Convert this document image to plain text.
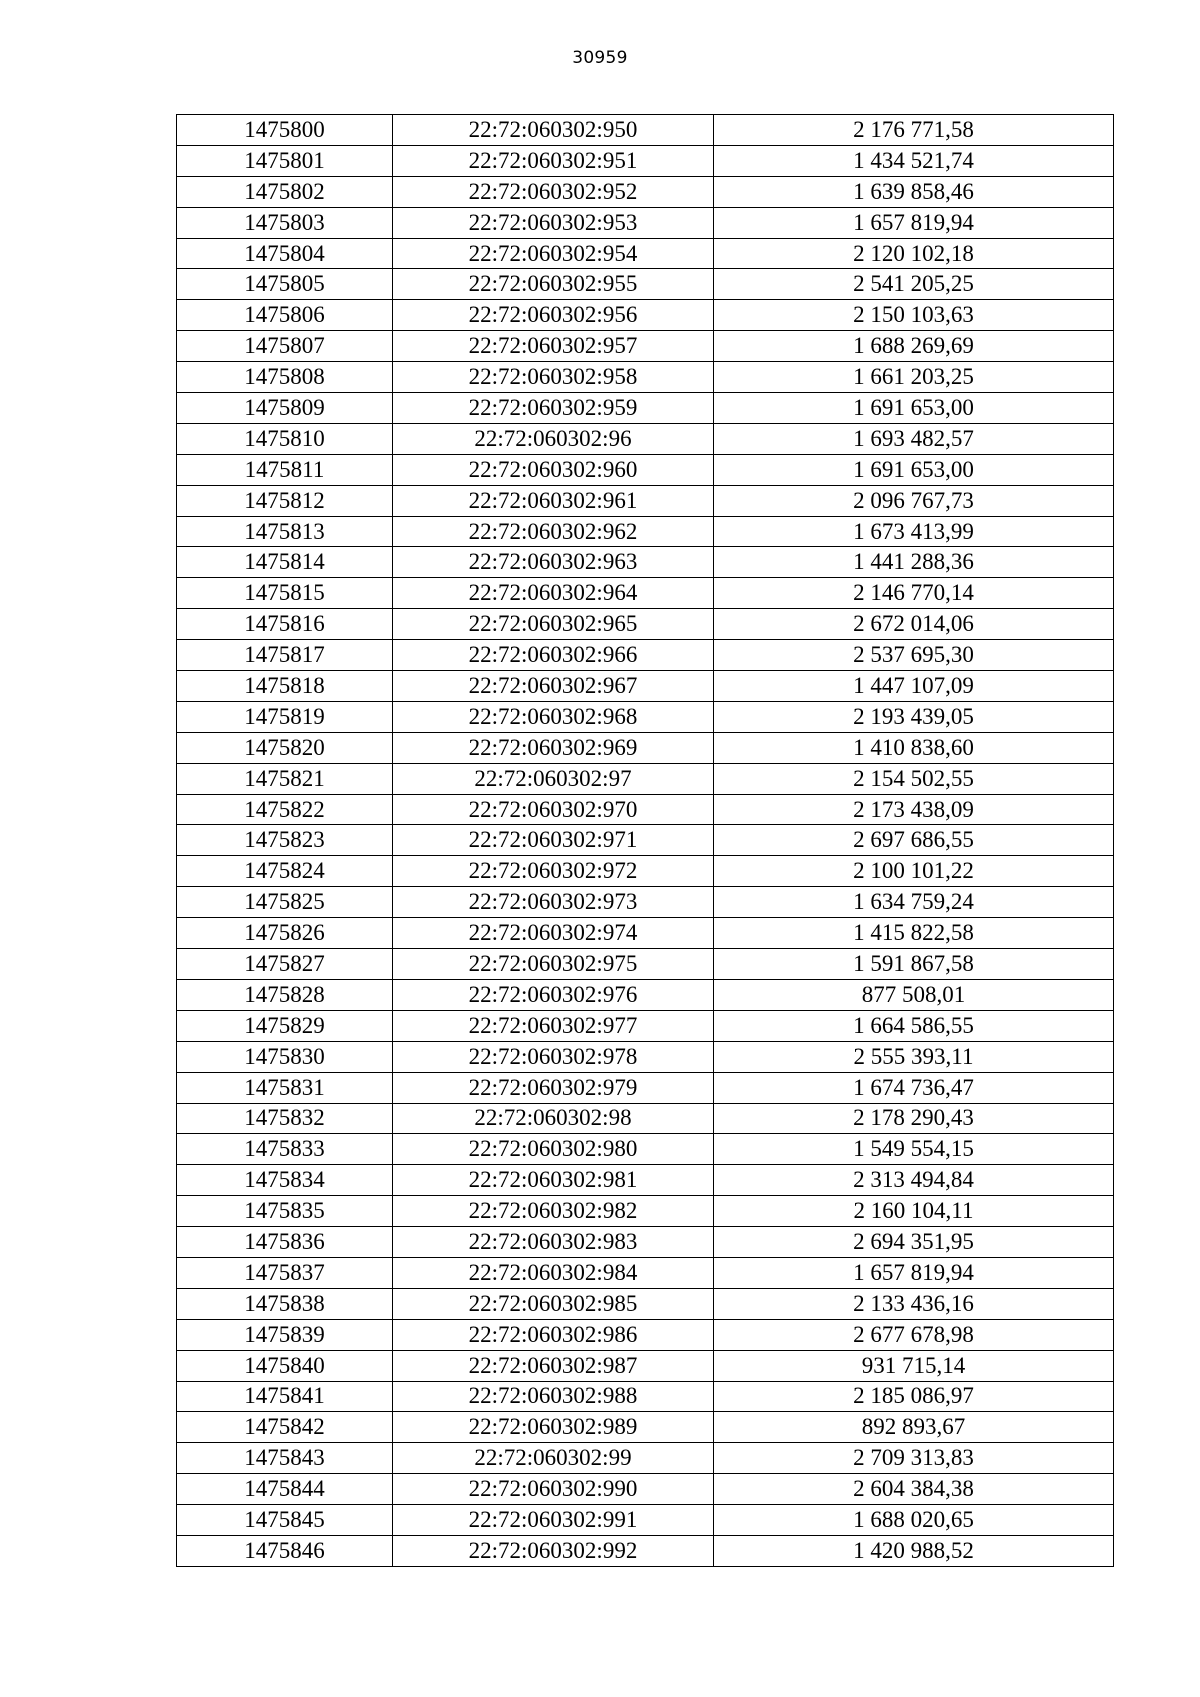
30959
1475800	22:72:060302:950	2 176 771,58
1475801	22:72:060302:951	1 434 521,74
1475802	22:72:060302:952	1 639 858,46
1475803	22:72:060302:953	1 657 819,94
1475804	22:72:060302:954	2 120 102,18
1475805	22:72:060302:955	2 541 205,25
1475806	22:72:060302:956	2 150 103,63
1475807	22:72:060302:957	1 688 269,69
1475808	22:72:060302:958	1 661 203,25
1475809	22:72:060302:959	1 691 653,00
1475810	22:72:060302:96	1 693 482,57
1475811	22:72:060302:960	1 691 653,00
1475812	22:72:060302:961	2 096 767,73
1475813	22:72:060302:962	1 673 413,99
1475814	22:72:060302:963	1 441 288,36
1475815	22:72:060302:964	2 146 770,14
1475816	22:72:060302:965	2 672 014,06
1475817	22:72:060302:966	2 537 695,30
1475818	22:72:060302:967	1 447 107,09
1475819	22:72:060302:968	2 193 439,05
1475820	22:72:060302:969	1 410 838,60
1475821	22:72:060302:97	2 154 502,55
1475822	22:72:060302:970	2 173 438,09
1475823	22:72:060302:971	2 697 686,55
1475824	22:72:060302:972	2 100 101,22
1475825	22:72:060302:973	1 634 759,24
1475826	22:72:060302:974	1 415 822,58
1475827	22:72:060302:975	1 591 867,58
1475828	22:72:060302:976	877 508,01
1475829	22:72:060302:977	1 664 586,55
1475830	22:72:060302:978	2 555 393,11
1475831	22:72:060302:979	1 674 736,47
1475832	22:72:060302:98	2 178 290,43
1475833	22:72:060302:980	1 549 554,15
1475834	22:72:060302:981	2 313 494,84
1475835	22:72:060302:982	2 160 104,11
1475836	22:72:060302:983	2 694 351,95
1475837	22:72:060302:984	1 657 819,94
1475838	22:72:060302:985	2 133 436,16
1475839	22:72:060302:986	2 677 678,98
1475840	22:72:060302:987	931 715,14
1475841	22:72:060302:988	2 185 086,97
1475842	22:72:060302:989	892 893,67
1475843	22:72:060302:99	2 709 313,83
1475844	22:72:060302:990	2 604 384,38
1475845	22:72:060302:991	1 688 020,65
1475846	22:72:060302:992	1 420 988,52
